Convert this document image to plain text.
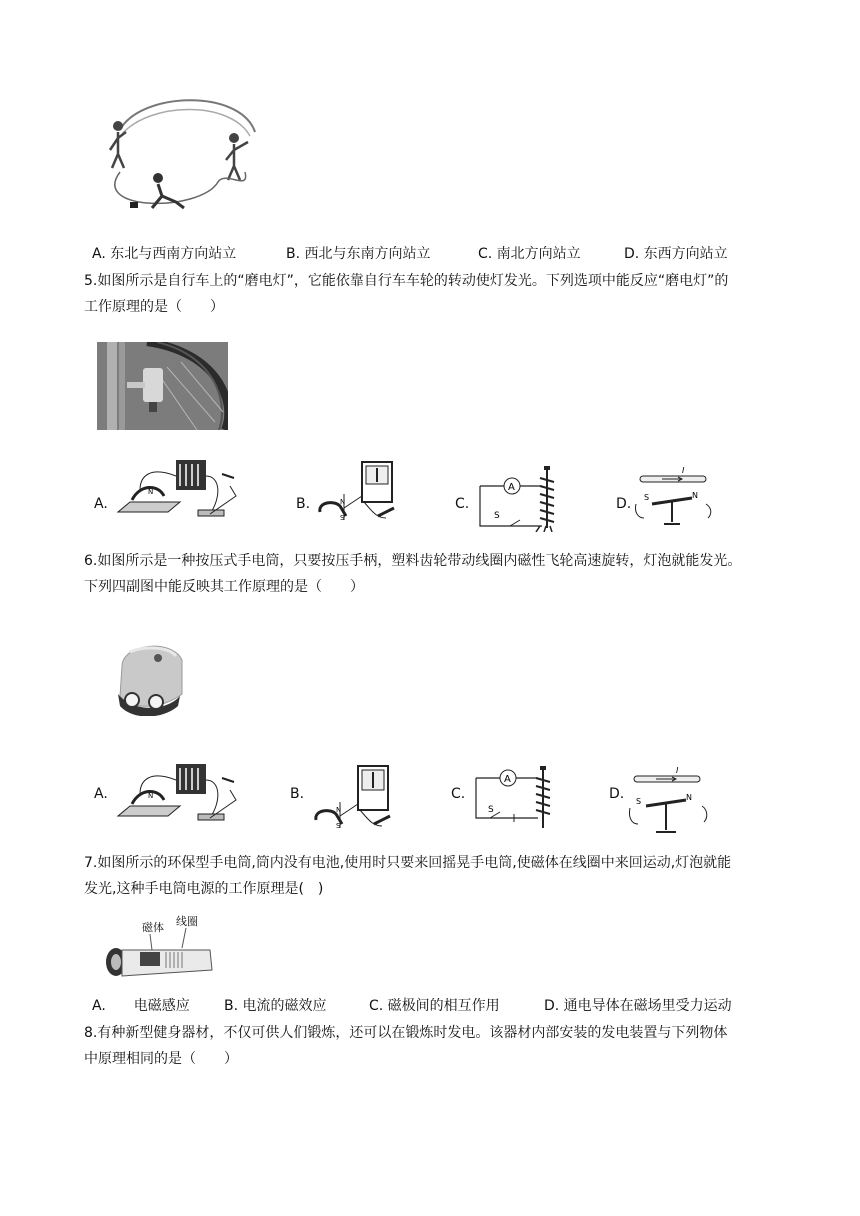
A. 东北与西南方向站立	B. 西北与东南方向站立	C. 南北方向站立	D. 东西方向站立
5.如图所示是自行车上的“磨电灯”，它能依靠自行车车轮的转动使灯发光。下列选项中能反应“磨电灯”的
工作原理的是（　　）
A.
N
B.	N
S
C.
A
S
D.
I
S	N
6.如图所示是一种按压式手电筒，只要按压手柄，塑料齿轮带动线圈内磁性飞轮高速旋转，灯泡就能发光。
下列四副图中能反映其工作原理的是（　　）
A.	N	B.
N
S
C.
A
S
D.
I
S	N
7.如图所示的环保型手电筒,筒内没有电池,使用时只要来回摇晃手电筒,使磁体在线圈中来回运动,灯泡就能
发光,这种手电筒电源的工作原理是(　)
磁体 线圈
A.　　电磁感应 B. 电流的磁效应	C. 磁极间的相互作用	D. 通电导体在磁场里受力运动
8.有种新型健身器材，不仅可供人们锻炼，还可以在锻炼时发电。该器材内部安装的发电装置与下列物体
中原理相同的是（　　）
